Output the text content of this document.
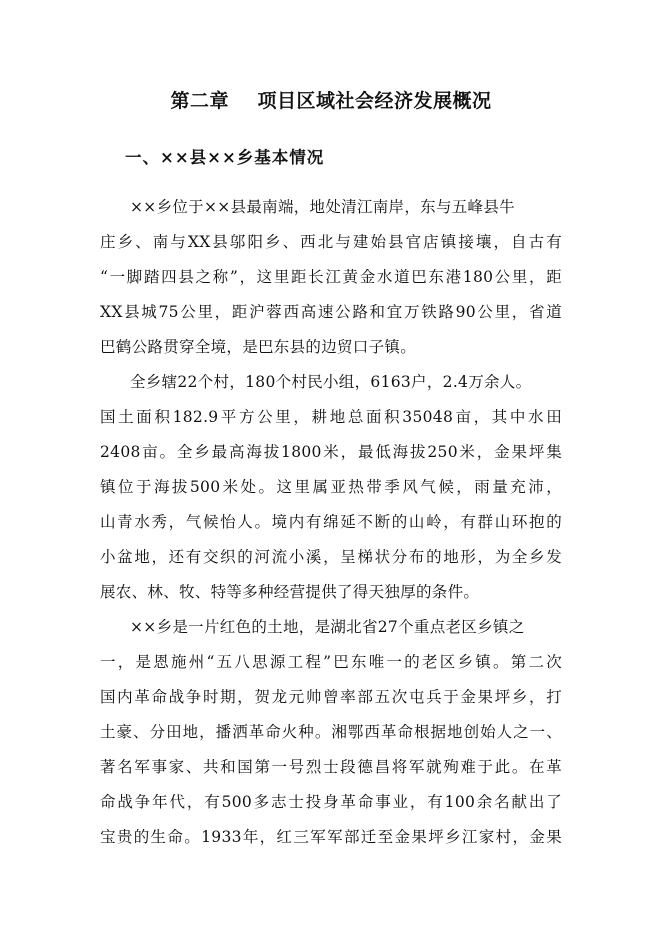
第二章    项目区域社会经济发展概况
一、××县××乡基本情况
××乡位于××县最南端，地处清江南岸，东与五峰县牛
庄乡、南与XX县邬阳乡、西北与建始县官店镇接壤，自古有
“一脚踏四县之称”，这里距长江黄金水道巴东港180公里，距
XX县城75公里，距沪蓉西高速公路和宜万铁路90公里，省道
巴鹤公路贯穿全境，是巴东县的边贸口子镇。
全乡辖22个村，180个村民小组，6163户，2.4万余人。
国土面积182.9平方公里，耕地总面积35048亩，其中水田
2408亩。全乡最高海拔1800米，最低海拔250米，金果坪集
镇位于海拔500米处。这里属亚热带季风气候，雨量充沛，
山青水秀，气候怡人。境内有绵延不断的山岭，有群山环抱的
小盆地，还有交织的河流小溪，呈梯状分布的地形，为全乡发
展农、林、牧、特等多种经营提供了得天独厚的条件。
××乡是一片红色的土地，是湖北省27个重点老区乡镇之
一，是恩施州“五八思源工程”巴东唯一的老区乡镇。第二次
国内革命战争时期，贺龙元帅曾率部五次屯兵于金果坪乡，打
土豪、分田地，播洒革命火种。湘鄂西革命根据地创始人之一、
著名军事家、共和国第一号烈士段德昌将军就殉难于此。在革
命战争年代，有500多志士投身革命事业，有100余名献出了
宝贵的生命。1933年，红三军军部迁至金果坪乡江家村，金果
